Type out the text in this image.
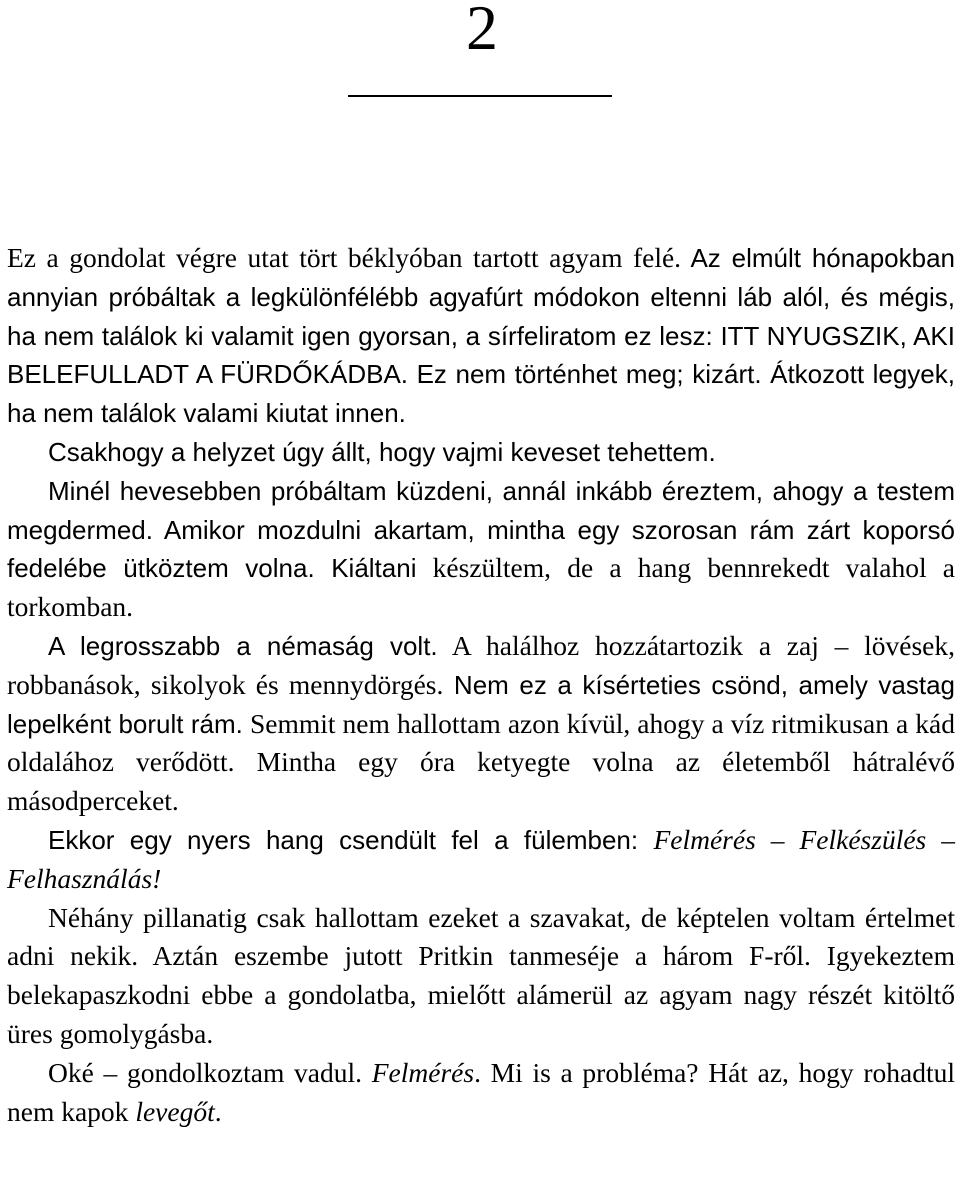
2

Ez a gondolat végre utat tört béklyóban tartott agyam felé. Az elmúlt hónapokban annyian próbáltak a legkülönfélébb agyafúrt módokon eltenni láb alól, és mégis, ha nem találok ki valamit igen gyorsan, a sírfeliratom ez lesz: ITT NYUGSZIK, AKI BELEFULLADT A FÜRDŐKÁDBA. Ez nem történhet meg; kizárt. Átkozott legyek, ha nem találok valami kiutat innen.

Csakhogy a helyzet úgy állt, hogy vajmi keveset tehettem.

Minél hevesebben próbáltam küzdeni, annál inkább éreztem, ahogy a testem megdermed. Amikor mozdulni akartam, mintha egy szorosan rám zárt koporsó fedelébe ütköztem volna. Kiáltani készültem, de a hang bennrekedt valahol a torkomban.

A legrosszabb a némaság volt. A halálhoz hozzátartozik a zaj – lövések, robbanások, sikolyok és mennydörgés. Nem ez a kísérteties csönd, amely vastag lepelként borult rám. Semmit nem hallottam azon kívül, ahogy a víz ritmikusan a kád oldalához verődött. Mintha egy óra ketyegte volna az életemből hátralévő másodperceket.

Ekkor egy nyers hang csendült fel a fülemben: Felmérés – Felkészülés – Felhasználás!

Néhány pillanatig csak hallottam ezeket a szavakat, de képtelen voltam értelmet adni nekik. Aztán eszembe jutott Pritkin tanmeséje a három F-ről. Igyekeztem belekapaszkodni ebbe a gondolatba, mielőtt alámerül az agyam nagy részét kitöltő üres gomolygásba.

Oké – gondolkoztam vadul. Felmérés. Mi is a probléma? Hát az, hogy rohadtul nem kapok levegőt.
